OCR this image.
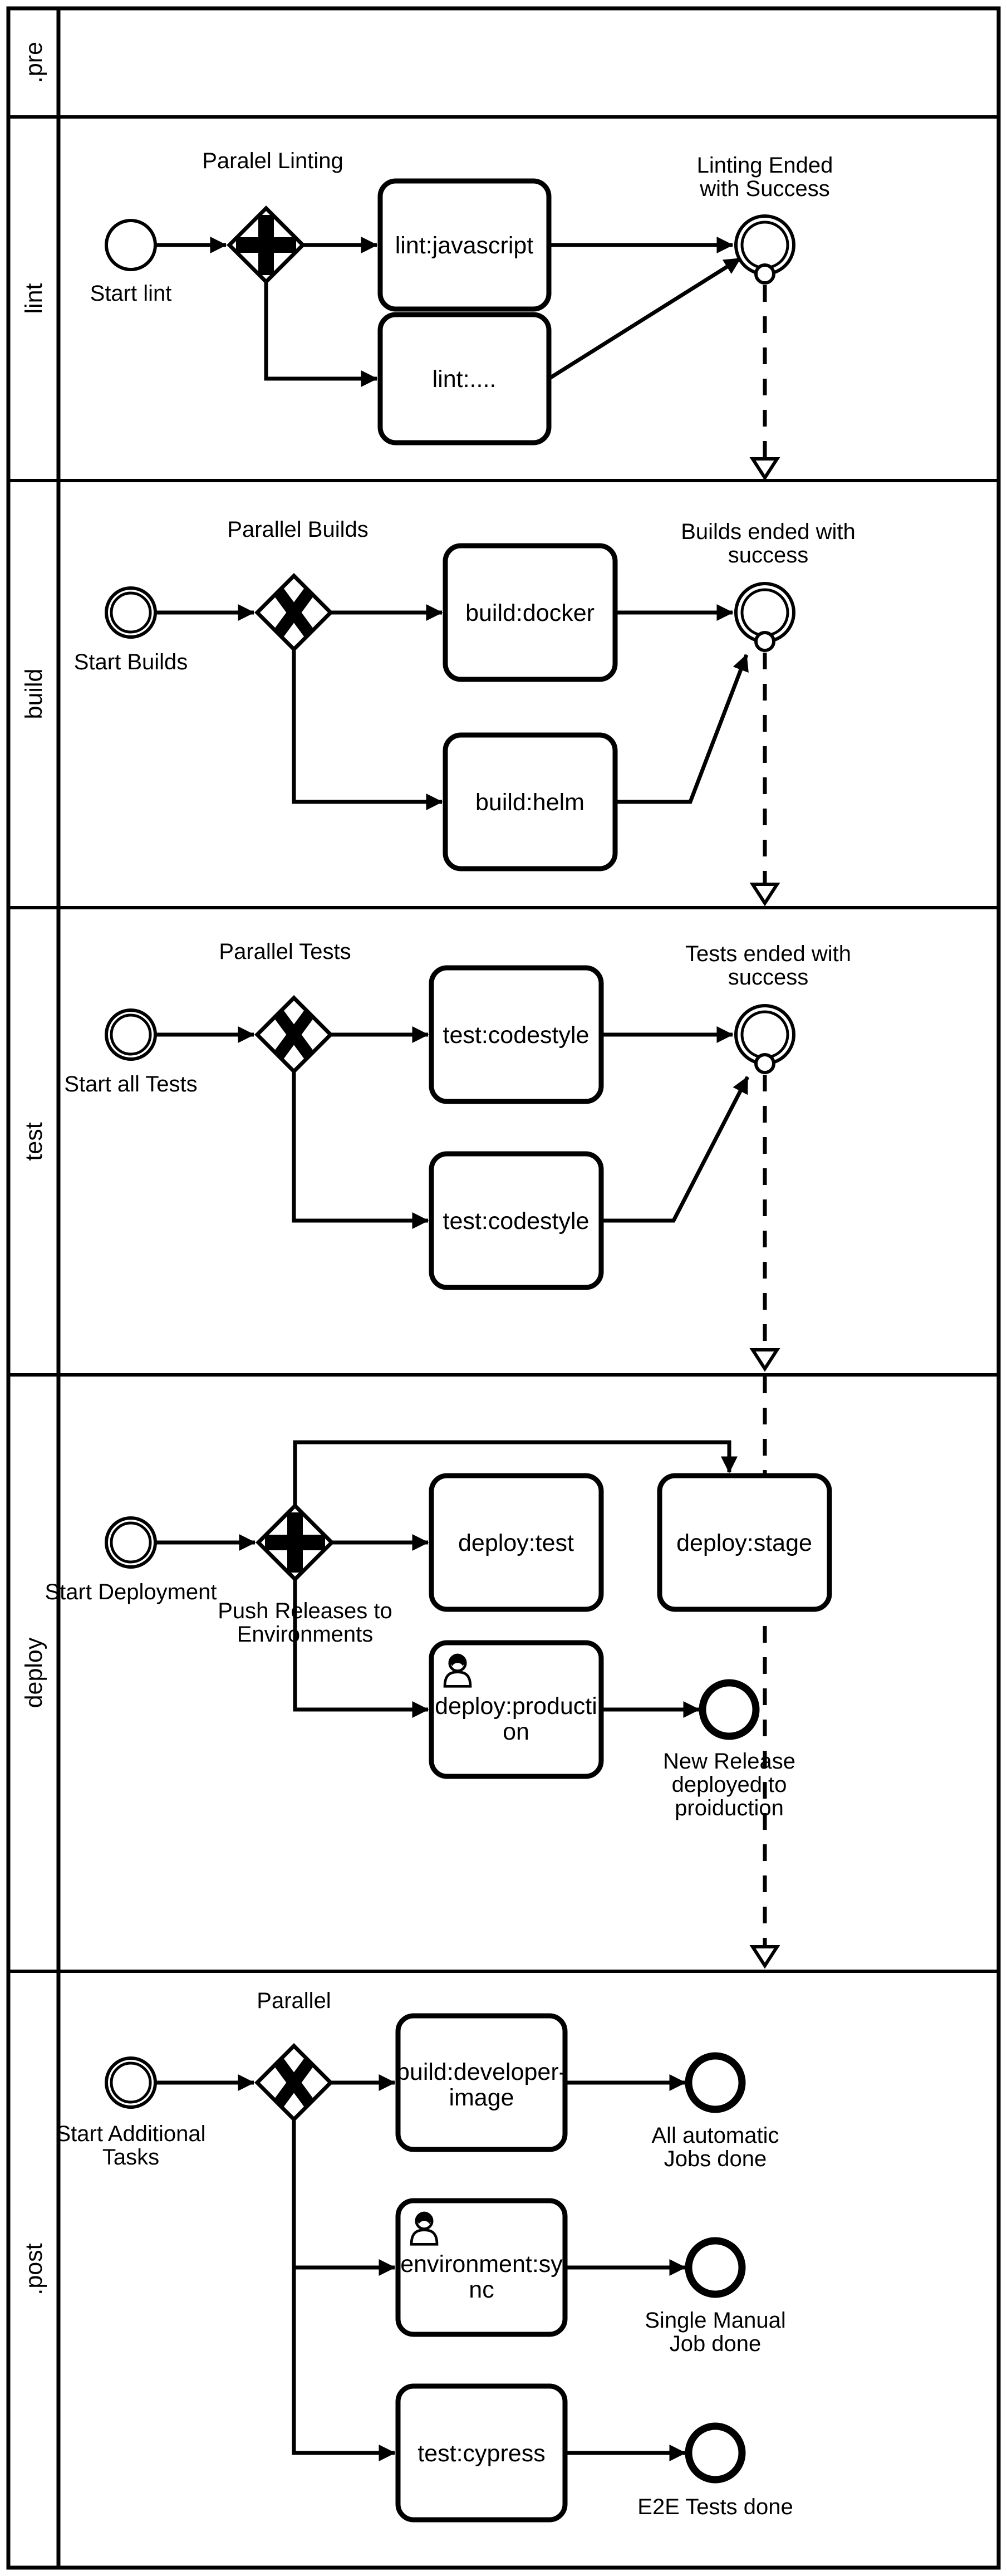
.pre
lint
build
test
deploy
.post
Start lint
Paralel Linting
lint:javascript
lint:....
Linting Ended
with Success
Start Builds
Parallel Builds
build:docker
build:helm
Builds ended with
success
Start all Tests
Parallel Tests
test:codestyle
test:codestyle
Tests ended with
success
Start Deployment
Push Releases to
Environments
deploy:test	deploy:stage
deploy:producti
on
New Release
deployed to
proiduction
Start Additional
Tasks
Parallel
build:developer-
image
All automatic
Jobs done
environment:sy
nc
Single Manual
Job done
test:cypress
E2E Tests done
